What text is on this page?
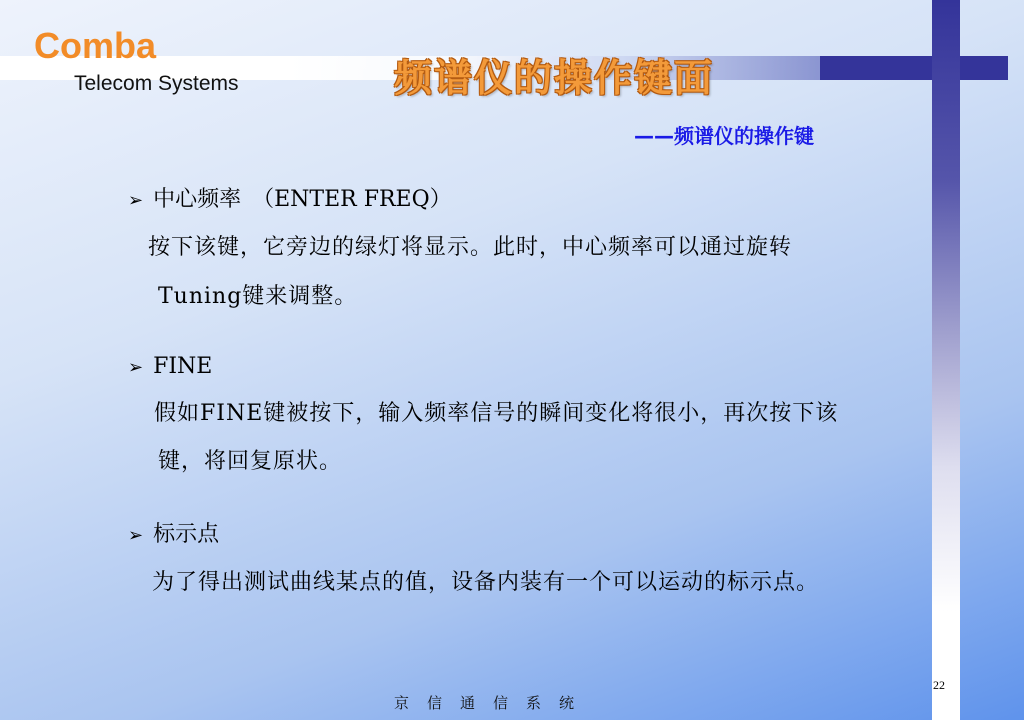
Comba
Telecom Systems	频谱仪的操作键面
——频谱仪的操作键
➢ 中心频率　（ENTER FREQ）
按下该键，它旁边的绿灯将显示。此时，中心频率可以通过旋转
Tuning键来调整。
➢ FINE
假如FINE键被按下，输入频率信号的瞬间变化将很小，再次按下该
键，将回复原状。
➢ 标示点
为了得出测试曲线某点的值，设备内装有一个可以运动的标示点。
22
京信通信系统
